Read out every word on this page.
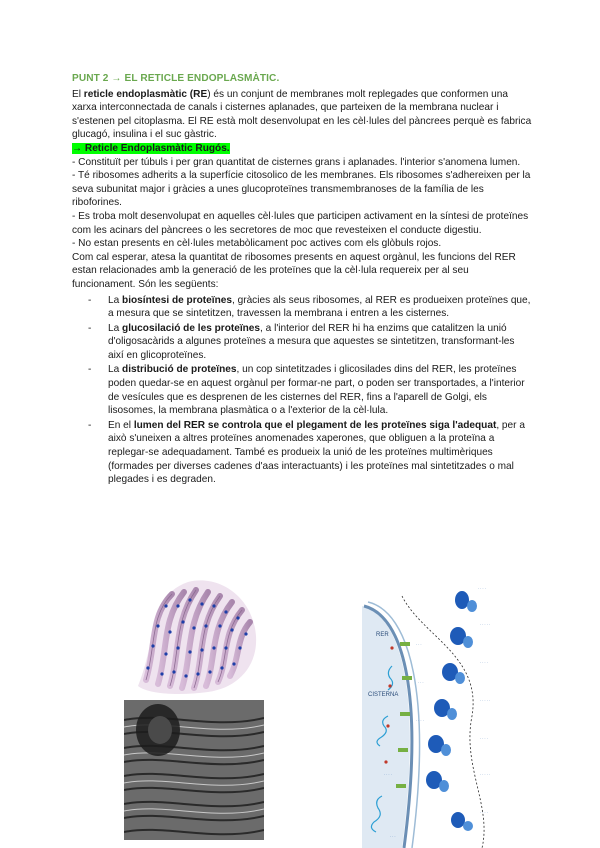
PUNT 2 → EL RETICLE ENDOPLASMÀTIC.

El reticle endoplasmàtic (RE) és un conjunt de membranes molt replegades que conformen una xarxa interconnectada de canals i cisternes aplanades, que parteixen de la membrana nuclear i s'estenen pel citoplasma. El RE està molt desenvolupat en les cèl·lules del pàncrees perquè es fabrica glucagó, insulina i el suc gàstric.

→ Reticle Endoplasmàtic Rugós.

- Constituït per túbuls i per gran quantitat de cisternes grans i aplanades. l'interior s'anomena lumen.

- Té ribosomes adherits a la superfície citosolico de les membranes. Els ribosomes s'adhereixen per la seva subunitat major i gràcies a unes glucoproteïnes transmembranoses de la família de les riboforines.

- Es troba molt desenvolupat en aquelles cèl·lules que participen activament en la síntesi de proteïnes com les acinars del pàncrees o les secretores de moc que revesteixen el conducte digestiu.

- No estan presents en cèl·lules metabòlicament poc actives com els glòbuls rojos.

Com cal esperar, atesa la quantitat de ribosomes presents en aquest orgànul, les funcions del RER estan relacionades amb la generació de les proteïnes que la cèl·lula requereix per al seu funcionament. Són les següents:

- La biosíntesi de proteïnes, gràcies als seus ribosomes, al RER es produeixen proteïnes que, a mesura que se sintetitzen, travessen la membrana i entren a les cisternes.
- La glucosilació de les proteïnes, a l'interior del RER hi ha enzims que catalitzen la unió d'oligosacàrids a algunes proteïnes a mesura que aquestes se sintetitzen, transformant-les així en glicoproteïnes.
- La distribució de proteïnes, un cop sintetitzades i glicosilades dins del RER, les proteïnes poden quedar-se en aquest orgànul per formar-ne part, o poden ser transportades, a l'interior de vesícules que es desprenen de les cisternes del RER, fins a l'aparell de Golgi, els lisosomes, la membrana plasmàtica o a l'exterior de la cèl·lula.
- En el lumen del RER se controla que el plegament de les proteïnes siga l'adequat, per a això s'uneixen a altres proteïnes anomenades xaperones, que obliguen a la proteïna a replegar-se adequadament. També es produeix la unió de les proteïnes multimèriques (formades per diverses cadenes d'aas interactuants) i les proteïnes mal sintetitzades o mal plegades i es degraden.
CISTERNA
RER
· · · ·
· · · · ·
· · · ·
· · · · ·
· · · ·
· · · · ·
· · · ·
· · ·
· · ·
· · · ·
· · · ·
· · ·
